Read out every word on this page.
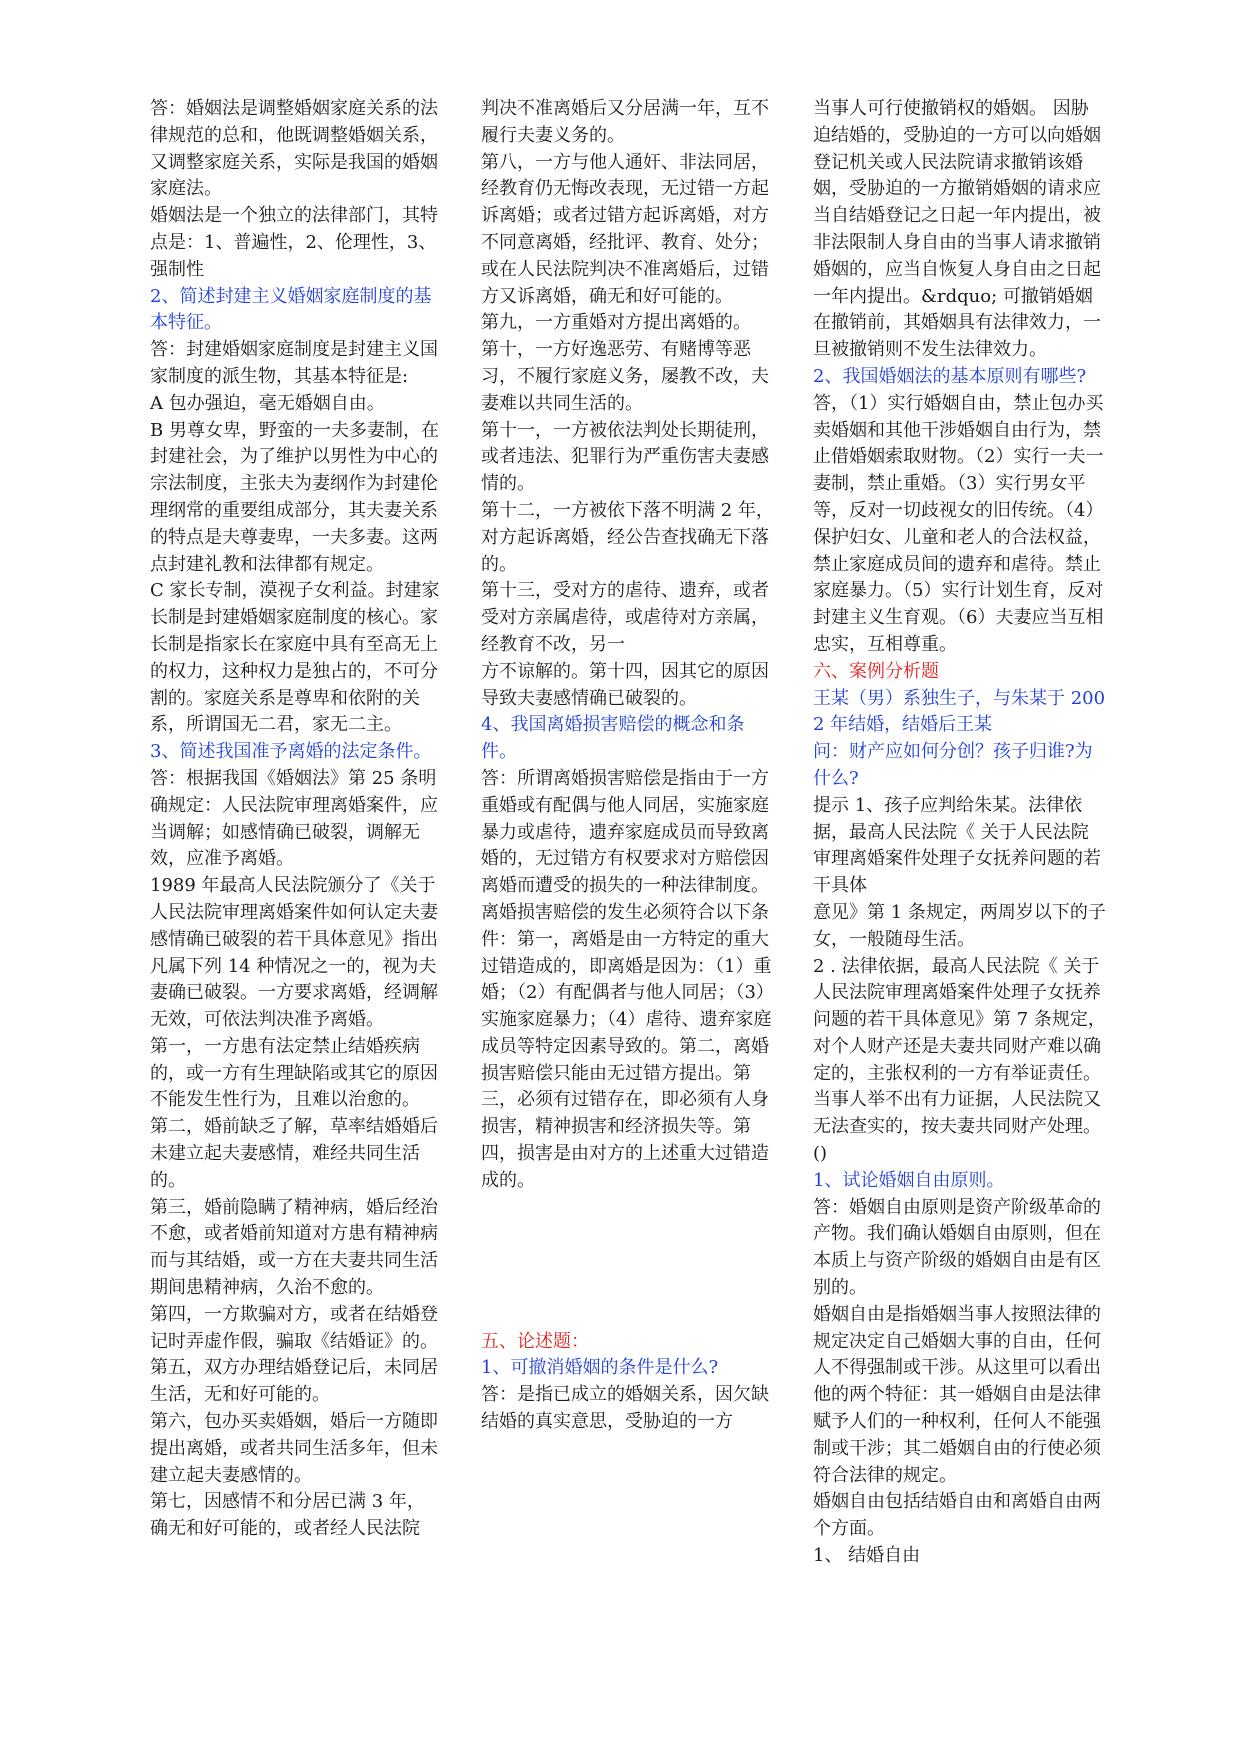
答：婚姻法是调整婚姻家庭关系的法律规范的总和，他既调整婚姻关系，又调整家庭关系，实际是我国的婚姻家庭法。

婚姻法是一个独立的法律部门，其特点是：1、普遍性，2、伦理性，3、强制性

2、简述封建主义婚姻家庭制度的基本特征。

答：封建婚姻家庭制度是封建主义国家制度的派生物，其基本特征是:

A 包办强迫，毫无婚姻自由。

B 男尊女卑，野蛮的一夫多妻制，在封建社会，为了维护以男性为中心的宗法制度，主张夫为妻纲作为封建伦理纲常的重要组成部分，其夫妻关系的特点是夫尊妻卑，一夫多妻。这两点封建礼教和法律都有规定。

C 家长专制，漠视子女利益。封建家长制是封建婚姻家庭制度的核心。家长制是指家长在家庭中具有至高无上的权力，这种权力是独占的，不可分割的。家庭关系是尊卑和依附的关系，所谓国无二君，家无二主。

3、简述我国准予离婚的法定条件。

答：根据我国《婚姻法》第 25 条明确规定：人民法院审理离婚案件，应当调解；如感情确已破裂，调解无效，应准予离婚。

1989 年最高人民法院颁分了《关于人民法院审理离婚案件如何认定夫妻感情确已破裂的若干具体意见》指出凡属下列 14 种情况之一的，视为夫妻确已破裂。一方要求离婚，经调解无效，可依法判决准予离婚。

第一，一方患有法定禁止结婚疾病的，或一方有生理缺陷或其它的原因不能发生性行为，且难以治愈的。

第二，婚前缺乏了解，草率结婚婚后未建立起夫妻感情，难经共同生活的。

第三，婚前隐瞒了精神病，婚后经治不愈，或者婚前知道对方患有精神病而与其结婚，或一方在夫妻共同生活期间患精神病，久治不愈的。

第四，一方欺骗对方，或者在结婚登记时弄虚作假，骗取《结婚证》的。

第五，双方办理结婚登记后，未同居生活，无和好可能的。

第六，包办买卖婚姻，婚后一方随即提出离婚，或者共同生活多年，但未建立起夫妻感情的。

第七，因感情不和分居已满 3 年，确无和好可能的，或者经人民法院

判决不准离婚后又分居满一年，互不履行夫妻义务的。

第八，一方与他人通奸、非法同居，经教育仍无悔改表现，无过错一方起诉离婚；或者过错方起诉离婚，对方不同意离婚，经批评、教育、处分；或在人民法院判决不准离婚后，过错方又诉离婚，确无和好可能的。

第九，一方重婚对方提出离婚的。

第十，一方好逸恶劳、有赌博等恶习，不履行家庭义务，屡教不改，夫妻难以共同生活的。

第十一，一方被依法判处长期徒刑，或者违法、犯罪行为严重伤害夫妻感情的。

第十二，一方被依下落不明满 2 年，对方起诉离婚，经公告查找确无下落的。

第十三，受对方的虐待、遗弃，或者受对方亲属虐待，或虐待对方亲属，经教育不改，另一

方不谅解的。第十四，因其它的原因导致夫妻感情确已破裂的。

4、我国离婚损害赔偿的概念和条件。

答：所谓离婚损害赔偿是指由于一方重婚或有配偶与他人同居，实施家庭暴力或虐待，遗弃家庭成员而导致离婚的，无过错方有权要求对方赔偿因离婚而遭受的损失的一种法律制度。离婚损害赔偿的发生必须符合以下条件：第一，离婚是由一方特定的重大过错造成的，即离婚是因为：（1）重婚；（2）有配偶者与他人同居；（3）实施家庭暴力；（4）虐待、遗弃家庭成员等特定因素导致的。第二，离婚损害赔偿只能由无过错方提出。第三，必须有过错存在，即必须有人身损害，精神损害和经济损失等。第四，损害是由对方的上述重大过错造成的。

五、论述题：

1、可撤消婚姻的条件是什么?

答：是指已成立的婚姻关系，因欠缺结婚的真实意思，受胁迫的一方

当事人可行使撤销权的婚姻。 因胁迫结婚的，受胁迫的一方可以向婚姻登记机关或人民法院请求撤销该婚姻，受胁迫的一方撤销婚姻的请求应当自结婚登记之日起一年内提出，被非法限制人身自由的当事人请求撤销婚姻的，应当自恢复人身自由之日起一年内提出。&rdquo; 可撤销婚姻在撤销前，其婚姻具有法律效力，一旦被撤销则不发生法律效力。

2、我国婚姻法的基本原则有哪些?

答，（1）实行婚姻自由，禁止包办买卖婚姻和其他干涉婚姻自由行为，禁止借婚姻索取财物。（2）实行一夫一妻制，禁止重婚。（3）实行男女平等，反对一切歧视女的旧传统。（4）保护妇女、儿童和老人的合法权益，禁止家庭成员间的遗弃和虐待。禁止家庭暴力。（5）实行计划生育，反对封建主义生育观。（6）夫妻应当互相忠实，互相尊重。

六、案例分析题

王某（男）系独生子，与朱某于 2002 年结婚，结婚后王某

问：财产应如何分创？孩子归谁?为什么?

提示 1、孩子应判给朱某。法律依据，最高人民法院《 关于人民法院审理离婚案件处理子女抚养问题的若干具体

意见》第 1 条规定，两周岁以下的子女，一般随母生活。

2 . 法律依据，最高人民法院《 关于人民法院审理离婚案件处理子女抚养问题的若干具体意见》第 7 条规定，对个人财产还是夫妻共同财产难以确定的，主张权利的一方有举证责任。当事人举不出有力证据，人民法院又无法查实的，按夫妻共同财产处理。 ()

1、试论婚姻自由原则。

答：婚姻自由原则是资产阶级革命的产物。我们确认婚姻自由原则，但在本质上与资产阶级的婚姻自由是有区别的。

婚姻自由是指婚姻当事人按照法律的规定决定自己婚姻大事的自由，任何人不得强制或干涉。从这里可以看出他的两个特征：其一婚姻自由是法律赋予人们的一种权利，任何人不能强制或干涉；其二婚姻自由的行使必须符合法律的规定。

婚姻自由包括结婚自由和离婚自由两个方面。

1、 结婚自由
